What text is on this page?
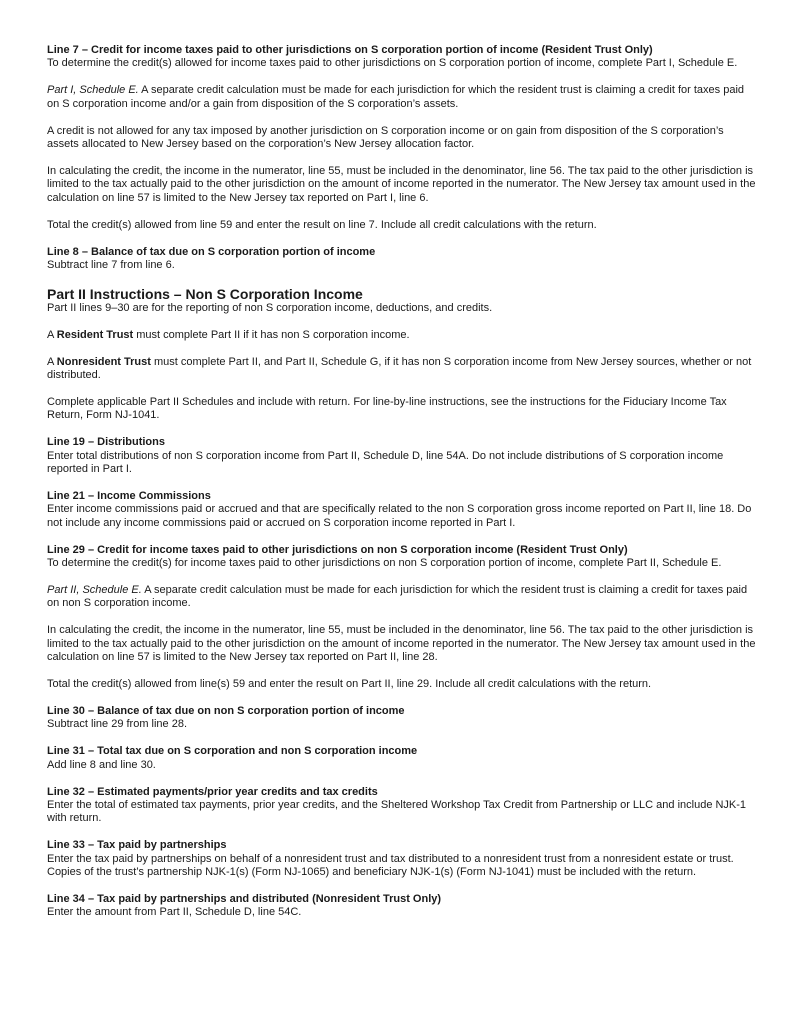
Line 7 – Credit for income taxes paid to other jurisdictions on S corporation portion of income (Resident Trust Only)

To determine the credit(s) allowed for income taxes paid to other jurisdictions on S corporation portion of income, complete Part I, Schedule E.

Part I, Schedule E. A separate credit calculation must be made for each jurisdiction for which the resident trust is claiming a credit for taxes paid on S corporation income and/or a gain from disposition of the S corporation’s assets.

A credit is not allowed for any tax imposed by another jurisdiction on S corporation income or on gain from disposition of the S corporation’s assets allocated to New Jersey based on the corporation’s New Jersey allocation factor.

In calculating the credit, the income in the numerator, line 55, must be included in the denominator, line 56. The tax paid to the other jurisdiction is limited to the tax actually paid to the other jurisdiction on the amount of income reported in the numerator. The New Jersey tax amount used in the calculation on line 57 is limited to the New Jersey tax reported on Part I, line 6.

Total the credit(s) allowed from line 59 and enter the result on line 7. Include all credit calculations with the return.

Line 8 – Balance of tax due on S corporation portion of income

Subtract line 7 from line 6.

Part II Instructions – Non S Corporation Income

Part II lines 9–30 are for the reporting of non S corporation income, deductions, and credits.

A Resident Trust must complete Part II if it has non S corporation income.

A Nonresident Trust must complete Part II, and Part II, Schedule G, if it has non S corporation income from New Jersey sources, whether or not distributed.

Complete applicable Part II Schedules and include with return. For line-by-line instructions, see the instructions for the Fiduciary Income Tax Return, Form NJ-1041.

Line 19 – Distributions

Enter total distributions of non S corporation income from Part II, Schedule D, line 54A. Do not include distributions of S corporation income reported in Part I.

Line 21 – Income Commissions

Enter income commissions paid or accrued and that are specifically related to the non S corporation gross income reported on Part II, line 18. Do not include any income commissions paid or accrued on S corporation income reported in Part I.

Line 29 – Credit for income taxes paid to other jurisdictions on non S corporation income (Resident Trust Only)

To determine the credit(s) for income taxes paid to other jurisdictions on non S corporation portion of income, complete Part II, Schedule E.

Part II, Schedule E. A separate credit calculation must be made for each jurisdiction for which the resident trust is claiming a credit for taxes paid on non S corporation income.

In calculating the credit, the income in the numerator, line 55, must be included in the denominator, line 56. The tax paid to the other jurisdiction is limited to the tax actually paid to the other jurisdiction on the amount of income reported in the numerator. The New Jersey tax amount used in the calculation on line 57 is limited to the New Jersey tax reported on Part II, line 28.

Total the credit(s) allowed from line(s) 59 and enter the result on Part II, line 29. Include all credit calculations with the return.

Line 30 – Balance of tax due on non S corporation portion of income

Subtract line 29 from line 28.

Line 31 – Total tax due on S corporation and non S corporation income

Add line 8 and line 30.

Line 32 – Estimated payments/prior year credits and tax credits

Enter the total of estimated tax payments, prior year credits, and the Sheltered Workshop Tax Credit from Partnership or LLC and include NJK-1 with return.

Line 33 – Tax paid by partnerships

Enter the tax paid by partnerships on behalf of a nonresident trust and tax distributed to a nonresident trust from a nonresident estate or trust. Copies of the trust’s partnership NJK-1(s) (Form NJ-1065) and beneficiary NJK-1(s) (Form NJ-1041) must be included with the return.

Line 34 – Tax paid by partnerships and distributed (Nonresident Trust Only)

Enter the amount from Part II, Schedule D, line 54C.
